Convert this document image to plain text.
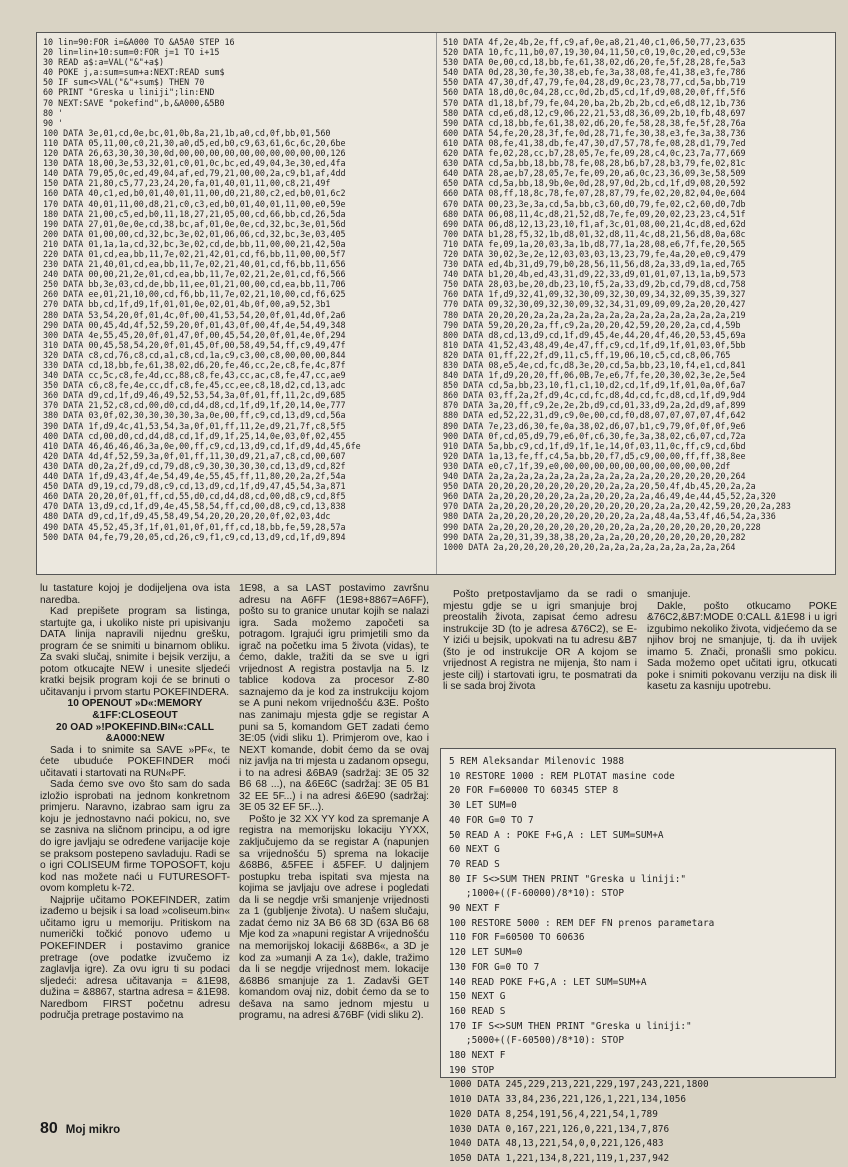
10 lin=90:FOR i=&A000 TO &A5A0 STEP 16
20 lin=lin+10:sum=0:FOR j=1 TO i+15
30 READ a$:a=VAL("&"+a$)
40 POKE j,a:sum=sum+a:NEXT:READ sum$
50 IF sum<>VAL("&"+sum$) THEN 70
60 PRINT "Greska u liniji";lin:END
70 NEXT:SAVE "pokefind",b,&A000,&5B0
80 '
90 '
100 DATA 3e,01,cd,0e,bc,01,0b,8a,21,1b,a0,cd,0f,bb,01,560
110 DATA 05,11,00,c0,21,30,a0,d5,ed,b0,c9,63,61,6c,6c,20,6be
120 DATA 26,63,30,30,30,0d,00,00,00,00,00,00,00,00,00,00,126
130 DATA 18,00,3e,53,32,01,c0,01,0c,bc,ed,49,04,3e,30,ed,4fa
140 DATA 79,05,0c,ed,49,04,af,ed,79,21,00,00,2a,c9,b1,af,4dd
150 DATA 21,80,c5,77,23,24,20,fa,01,40,01,11,00,c8,21,49f
160 DATA 40,c1,ed,b0,01,40,01,11,00,d0,21,80,c2,ed,b0,01,6c2
170 DATA 40,01,11,00,d8,21,c0,c3,ed,b0,01,40,01,11,00,e0,59e
180 DATA 21,00,c5,ed,b0,11,18,27,21,05,00,cd,66,bb,cd,26,5da
190 DATA 27,01,0e,0e,cd,38,bc,af,01,0e,0e,cd,32,bc,3e,01,56d
200 DATA 01,00,00,cd,32,bc,3e,02,01,06,06,cd,32,bc,3e,03,405
210 DATA 01,1a,1a,cd,32,bc,3e,02,cd,de,bb,11,00,00,21,42,50a
220 DATA 01,cd,ea,bb,11,7e,02,21,42,01,cd,f6,bb,11,00,00,5f7
230 DATA 21,40,01,cd,ea,bb,11,7e,02,21,40,01,cd,f6,bb,11,656
240 DATA 00,00,21,2e,01,cd,ea,bb,11,7e,02,21,2e,01,cd,f6,566
250 DATA bb,3e,03,cd,de,bb,11,ee,01,21,00,00,cd,ea,bb,11,706
260 DATA ee,01,21,10,00,cd,f6,bb,11,7e,02,21,10,00,cd,f6,625
270 DATA bb,cd,1f,d9,1f,01,01,0e,02,01,4b,0f,00,a9,52,3b1
280 DATA 53,54,20,0f,01,4c,0f,00,41,53,54,20,0f,01,4d,0f,2a6
290 DATA 00,45,4d,4f,52,59,20,0f,01,43,0f,00,4f,4e,54,49,348
300 DATA 4e,55,45,20,0f,01,47,0f,00,45,54,20,0f,01,4e,0f,294
310 DATA 00,45,58,54,20,0f,01,45,0f,00,58,49,54,ff,c9,49,47f
320 DATA c8,cd,76,c8,cd,a1,c8,cd,1a,c9,c3,00,c8,00,00,00,844
330 DATA cd,18,bb,fe,61,38,02,d6,20,fe,46,cc,2e,c8,fe,4c,87f
340 DATA cc,5c,c8,fe,4d,cc,88,c8,fe,43,cc,ac,c8,fe,47,cc,ae9
350 DATA c6,c8,fe,4e,cc,df,c8,fe,45,cc,ee,c8,18,d2,cd,13,adc
360 DATA d9,cd,1f,d9,46,49,52,53,54,3a,0f,01,ff,11,2c,d9,685
370 DATA 21,52,c8,cd,00,d0,cd,d4,d8,cd,1f,d9,1f,20,14,0e,777
380 DATA 03,0f,02,30,30,30,30,3a,0e,00,ff,c9,cd,13,d9,cd,56a
390 DATA 1f,d9,4c,41,53,54,3a,0f,01,ff,11,2e,d9,21,7f,c8,5f5
400 DATA cd,00,d0,cd,d4,d8,cd,1f,d9,1f,25,14,0e,03,0f,02,455
410 DATA 46,46,46,46,3a,0e,00,ff,c9,cd,13,d9,cd,1f,d9,4d,45,6fe
420 DATA 4d,4f,52,59,3a,0f,01,ff,11,30,d9,21,a7,c8,cd,00,607
430 DATA d0,2a,2f,d9,cd,79,d8,c9,30,30,30,30,cd,13,d9,cd,82f
440 DATA 1f,d9,43,4f,4e,54,49,4e,55,45,ff,11,80,20,2a,2f,54a
450 DATA d9,19,cd,79,d8,c9,cd,13,d9,cd,1f,d9,47,45,54,3a,871
460 DATA 20,20,0f,01,ff,cd,55,d0,cd,d4,d8,cd,00,d8,c9,cd,8f5
470 DATA 13,d9,cd,1f,d9,4e,45,58,54,ff,cd,00,d8,c9,cd,13,838
480 DATA d9,cd,1f,d9,45,58,49,54,20,20,20,20,0f,02,03,4dc
490 DATA 45,52,45,3f,1f,01,01,0f,01,ff,cd,18,bb,fe,59,28,57a
500 DATA 04,fe,79,20,05,cd,26,c9,f1,c9,cd,13,d9,cd,1f,d9,894
510 DATA 4f,2e,4b,2e,ff,c9,af,0e,a8,21,40,c1,06,50,77,23,635
520 DATA 10,fc,11,b0,07,19,30,04,11,50,c0,19,0c,20,ed,c9,53e
530 DATA 0e,00,cd,18,bb,fe,61,38,02,d6,20,fe,5f,28,28,fe,5a3
540 DATA 0d,28,30,fe,30,38,eb,fe,3a,38,08,fe,41,38,e3,fe,786
550 DATA 47,30,df,47,79,fe,04,28,d9,0c,23,78,77,cd,5a,bb,719
560 DATA 18,d0,0c,04,28,cc,0d,2b,d5,cd,1f,d9,08,20,0f,ff,5f6
570 DATA d1,18,bf,79,fe,04,20,ba,2b,2b,2b,cd,e6,d8,12,1b,736
580 DATA cd,e6,d8,12,c9,06,22,21,53,d8,36,09,2b,10,fb,48,697
590 DATA cd,18,bb,fe,61,38,02,d6,20,fe,58,28,38,fe,5f,28,76a
600 DATA 54,fe,20,28,3f,fe,0d,28,71,fe,30,38,e3,fe,3a,38,736
610 DATA 08,fe,41,38,db,fe,47,30,d7,57,78,fe,08,28,d1,79,7ed
620 DATA fe,02,28,cc,b7,28,05,7e,fe,09,28,c4,0c,23,7a,77,669
630 DATA cd,5a,bb,18,bb,78,fe,08,28,b6,b7,28,b3,79,fe,02,81c
640 DATA 28,ae,b7,28,05,7e,fe,09,20,a6,0c,23,36,09,3e,58,509
650 DATA cd,5a,bb,18,9b,0e,0d,28,97,0d,2b,cd,1f,d9,08,20,592
660 DATA 08,ff,18,8c,78,fe,07,28,87,79,fe,02,20,82,04,0e,604
670 DATA 00,23,3e,3a,cd,5a,bb,c3,60,d0,79,fe,02,c2,60,d0,7db
680 DATA 06,08,11,4c,d8,21,52,d8,7e,fe,09,20,02,23,23,c4,51f
690 DATA 06,d8,12,13,23,10,f1,af,3c,01,08,00,21,4c,d8,ed,62d
700 DATA b1,28,f5,32,1b,d8,01,32,d8,11,4c,d8,21,56,d8,0a,68c
710 DATA fe,09,1a,20,03,3a,1b,d8,77,1a,28,08,e6,7f,fe,20,565
720 DATA 30,02,3e,2e,12,03,03,03,13,23,79,fe,4a,20,e0,c9,479
730 DATA ed,4b,31,d9,79,b0,28,56,11,56,d8,2a,33,d9,1a,ed,765
740 DATA b1,20,4b,ed,43,31,d9,22,33,d9,01,01,07,13,1a,b9,573
750 DATA 28,03,be,20,db,23,10,f5,2a,33,d9,2b,cd,79,d8,cd,758
760 DATA 1f,d9,32,41,09,32,30,09,32,30,09,34,32,09,35,39,327
770 DATA 09,32,30,09,32,30,09,32,34,31,09,09,09,2a,20,20,427
780 DATA 20,20,20,2a,2a,2a,2a,2a,2a,2a,2a,2a,2a,2a,2a,2a,219
790 DATA 59,20,20,2a,ff,c9,2a,20,20,42,59,20,20,2a,cd,4,59b
800 DATA d8,cd,13,d9,cd,1f,d9,45,4e,44,20,4f,46,20,53,45,69a
810 DATA 41,52,43,48,49,4e,47,ff,c9,cd,1f,d9,1f,01,03,0f,5bb
820 DATA 01,ff,22,2f,d9,11,c5,ff,19,06,10,c5,cd,c8,06,765
830 DATA 08,e5,4e,cd,fc,d8,3e,20,cd,5a,bb,23,10,f4,e1,cd,841
840 DATA 1f,d9,20,20,ff,06,0B,7e,e6,7f,fe,20,30,02,3e,2e,5e4
850 DATA cd,5a,bb,23,10,f1,c1,10,d2,cd,1f,d9,1f,01,0a,0f,6a7
860 DATA 03,ff,2a,2f,d9,4c,cd,fc,d8,4d,cd,fc,d8,cd,1f,d9,9d4
870 DATA 3a,20,ff,c9,2e,2e,2b,d9,cd,01,33,d9,2a,2d,d9,af,899
880 DATA ed,52,22,31,d9,c9,0e,00,cd,f0,d8,07,07,07,07,4f,642
890 DATA 7e,23,d6,30,fe,0a,38,02,d6,07,b1,c9,79,0f,0f,0f,9e6
900 DATA 0f,cd,05,d9,79,e6,0f,c6,30,fe,3a,38,02,c6,07,cd,72a
910 DATA 5a,bb,c9,cd,1f,d9,1f,1e,14,0f,03,11,0c,ff,c9,cd,6bd
920 DATA 1a,13,fe,ff,c4,5a,bb,20,f7,d5,c9,00,00,ff,ff,38,8ee
930 DATA e0,c7,1f,39,e0,00,00,00,00,00,00,00,00,00,00,2df
940 DATA 2a,2a,2a,2a,2a,2a,2a,2a,2a,2a,2a,20,20,20,20,20,264
950 DATA 20,20,20,20,20,20,20,20,2a,2a,20,50,4f,4b,45,20,2a,2a
960 DATA 2a,20,20,20,20,2a,2a,20,20,2a,2a,46,49,4e,44,45,52,2a,320
970 DATA 2a,20,20,20,20,20,20,20,20,20,20,2a,2a,20,42,59,20,20,2a,283
980 DATA 2a,20,20,20,20,20,20,20,20,2a,2a,48,4a,53,4f,46,54,2a,336
990 DATA 2a,20,20,20,20,20,20,20,20,2a,2a,20,20,20,20,20,20,228
990 DATA 2a,20,31,39,38,38,20,2a,2a,20,20,20,20,20,20,20,282
1000 DATA 2a,20,20,20,20,20,20,2a,2a,2a,2a,2a,2a,2a,2a,264

lu tastature kojoj je dodijeljena ova ista naredba.

Kad prepišete program sa listinga, startujte ga, i ukoliko niste pri upisivanju DATA linija napravili nijednu grešku, program će se snimiti u binarnom obliku. Za svaki slučaj, snimite i bejsik verziju, a potom otkucajte NEW i unesite sljedeći kratki bejsik program koji će se brinuti o učitavanju i prvom startu POKEFINDERA.

10 OPENOUT »D«:MEMORY &1FF:CLOSEOUT

20 OAD »!POKEFIND.BIN«:CALL &A000:NEW

Sada i to snimite sa SAVE »PF«, te ćete ubuduće POKEFINDER moći učitavati i startovati na RUN«PF.

Sada ćemo sve ovo što sam do sada izložio isprobati na jednom konkretnom primjeru. Naravno, izabrao sam igru za koju je jednostavno naći pokicu, no, sve se zasniva na sličnom principu, a od igre do igre javljaju se određene varijacije koje se praksom postepeno savladuju. Radi se o igri COLISEUM firme TOPOSOFT, koju kod nas možete naći u FUTURESOFT-ovom kompletu k-72.

Najprije učitamo POKEFINDER, zatim izađemo u bejsik i sa load »coliseum.bin« učitamo igru u memoriju. Pritiskom na numerički točkić ponovo uđemo u POKEFINDER i postavimo granice pretrage (ove podatke izvučemo iz zaglavlja igre). Za ovu igru ti su podaci sljedeći: adresa učitavanja = &1E98, dužina = &8867, startna adresa = &1E98. Naredbom FIRST početnu adresu područja pretrage postavimo na

1E98, a sa LAST postavimo završnu adresu na A6FF (1E98+8867=A6FF), pošto su to granice unutar kojih se nalazi igra. Sada možemo započeti sa potragom. Igrajući igru primjetili smo da igrač na početku ima 5 života (vidas), te ćemo, dakle, tražiti da se sve u igri vrijednost A registra postavlja na 5. Iz tablice kodova za procesor Z-80 saznajemo da je kod za instrukciju kojom se A puni nekom vrijednošću &3E. Pošto nas zanimaju mjesta gdje se registar A puni sa 5, komandom GET zadati ćemo 3E:05 (vidi sliku 1). Primjerom ove, kao i NEXT komande, dobit ćemo da se ovaj niz javlja na tri mjesta u zadanom opsegu, i to na adresi &6BA9 (sadržaj: 3E 05 32 B6 68 ...), na &6E6C (sadržaj: 3E 05 B1 32 EE 5F...) i na adresi &6E90 (sadržaj: 3E 05 32 EF 5F...).

Pošto je 32 XX YY kod za spremanje A registra na memorijsku lokaciju YYXX, zaključujemo da se registar A (napunjen sa vrijednošću 5) sprema na lokacije &68B6, &5FEE i &5FEF. U daljnjem postupku treba ispitati sva mjesta na kojima se javljaju ove adrese i pogledati da li se negdje vrši smanjenje vrijednosti za 1 (gubljenje života). U našem slučaju, zadat ćemo niz 3A B6 68 3D (63A B6 68 Mje kod za »napuni registar A vrijednošću na memorijskoj lokaciji &68B6«, a 3D je kod za »umanji A za 1«), dakle, tražimo da li se negdje vrijednost mem. lokacije &68B6 smanjuje za 1. Zadavši GET komandom ovaj niz, dobit ćemo da se to dešava na samo jednom mjestu u programu, na adresi &76BF (vidi sliku 2).

Pošto pretpostavljamo da se radi o mjestu gdje se u igri smanjuje broj preostalih života, zapisat ćemo adresu instrukcije 3D (to je adresa &76C2), se E-Y izići u bejsik, upokvati na tu adresu &B7 (što je od instrukcije OR A kojom se vrijednost A registra ne mijenja, što nam i jeste cilj) i startovati igru, te posmatrati da li se sada broj života

smanjuje.

Dakle, pošto otkucamo POKE &76C2,&B7:MODE 0:CALL &1E98 i u igri izgubimo nekoliko života, vidjećemo da se njihov broj ne smanjuje, tj. da ih uvijek imamo 5. Znači, pronašli smo pokicu. Sada možemo opet učitati igru, otkucati poke i snimiti pokovanu verziju na disk ili kasetu za kasniju upotrebu.

5 REM Aleksandar Milenovic 1988
10 RESTORE 1000 : REM PLOTAT masine code
20 FOR F=60000 TO 60345 STEP 8
30 LET SUM=0
40 FOR G=0 TO 7
50 READ A : POKE F+G,A : LET SUM=SUM+A
60 NEXT G
70 READ S
80 IF S<>SUM THEN PRINT "Greska u liniji:"
;1000+((F-60000)/8*10): STOP
90 NEXT F
100 RESTORE 5000 : REM DEF FN prenos parametara
110 FOR F=60500 TO 60636
120 LET SUM=0
130 FOR G=0 TO 7
140 READ POKE F+G,A : LET SUM=SUM+A
150 NEXT G
160 READ S
170 IF S<>SUM THEN PRINT "Greska u liniji:"
;5000+((F-60500)/8*10): STOP
180 NEXT F
190 STOP
1000 DATA 245,229,213,221,229,197,243,221,1800
1010 DATA 33,84,236,221,126,1,221,134,1056
1020 DATA 8,254,191,56,4,221,54,1,789
1030 DATA 0,167,221,126,0,221,134,7,876
1040 DATA 48,13,221,54,0,0,221,126,483
1050 DATA 1,221,134,8,221,119,1,237,942
80 Moj mikro
